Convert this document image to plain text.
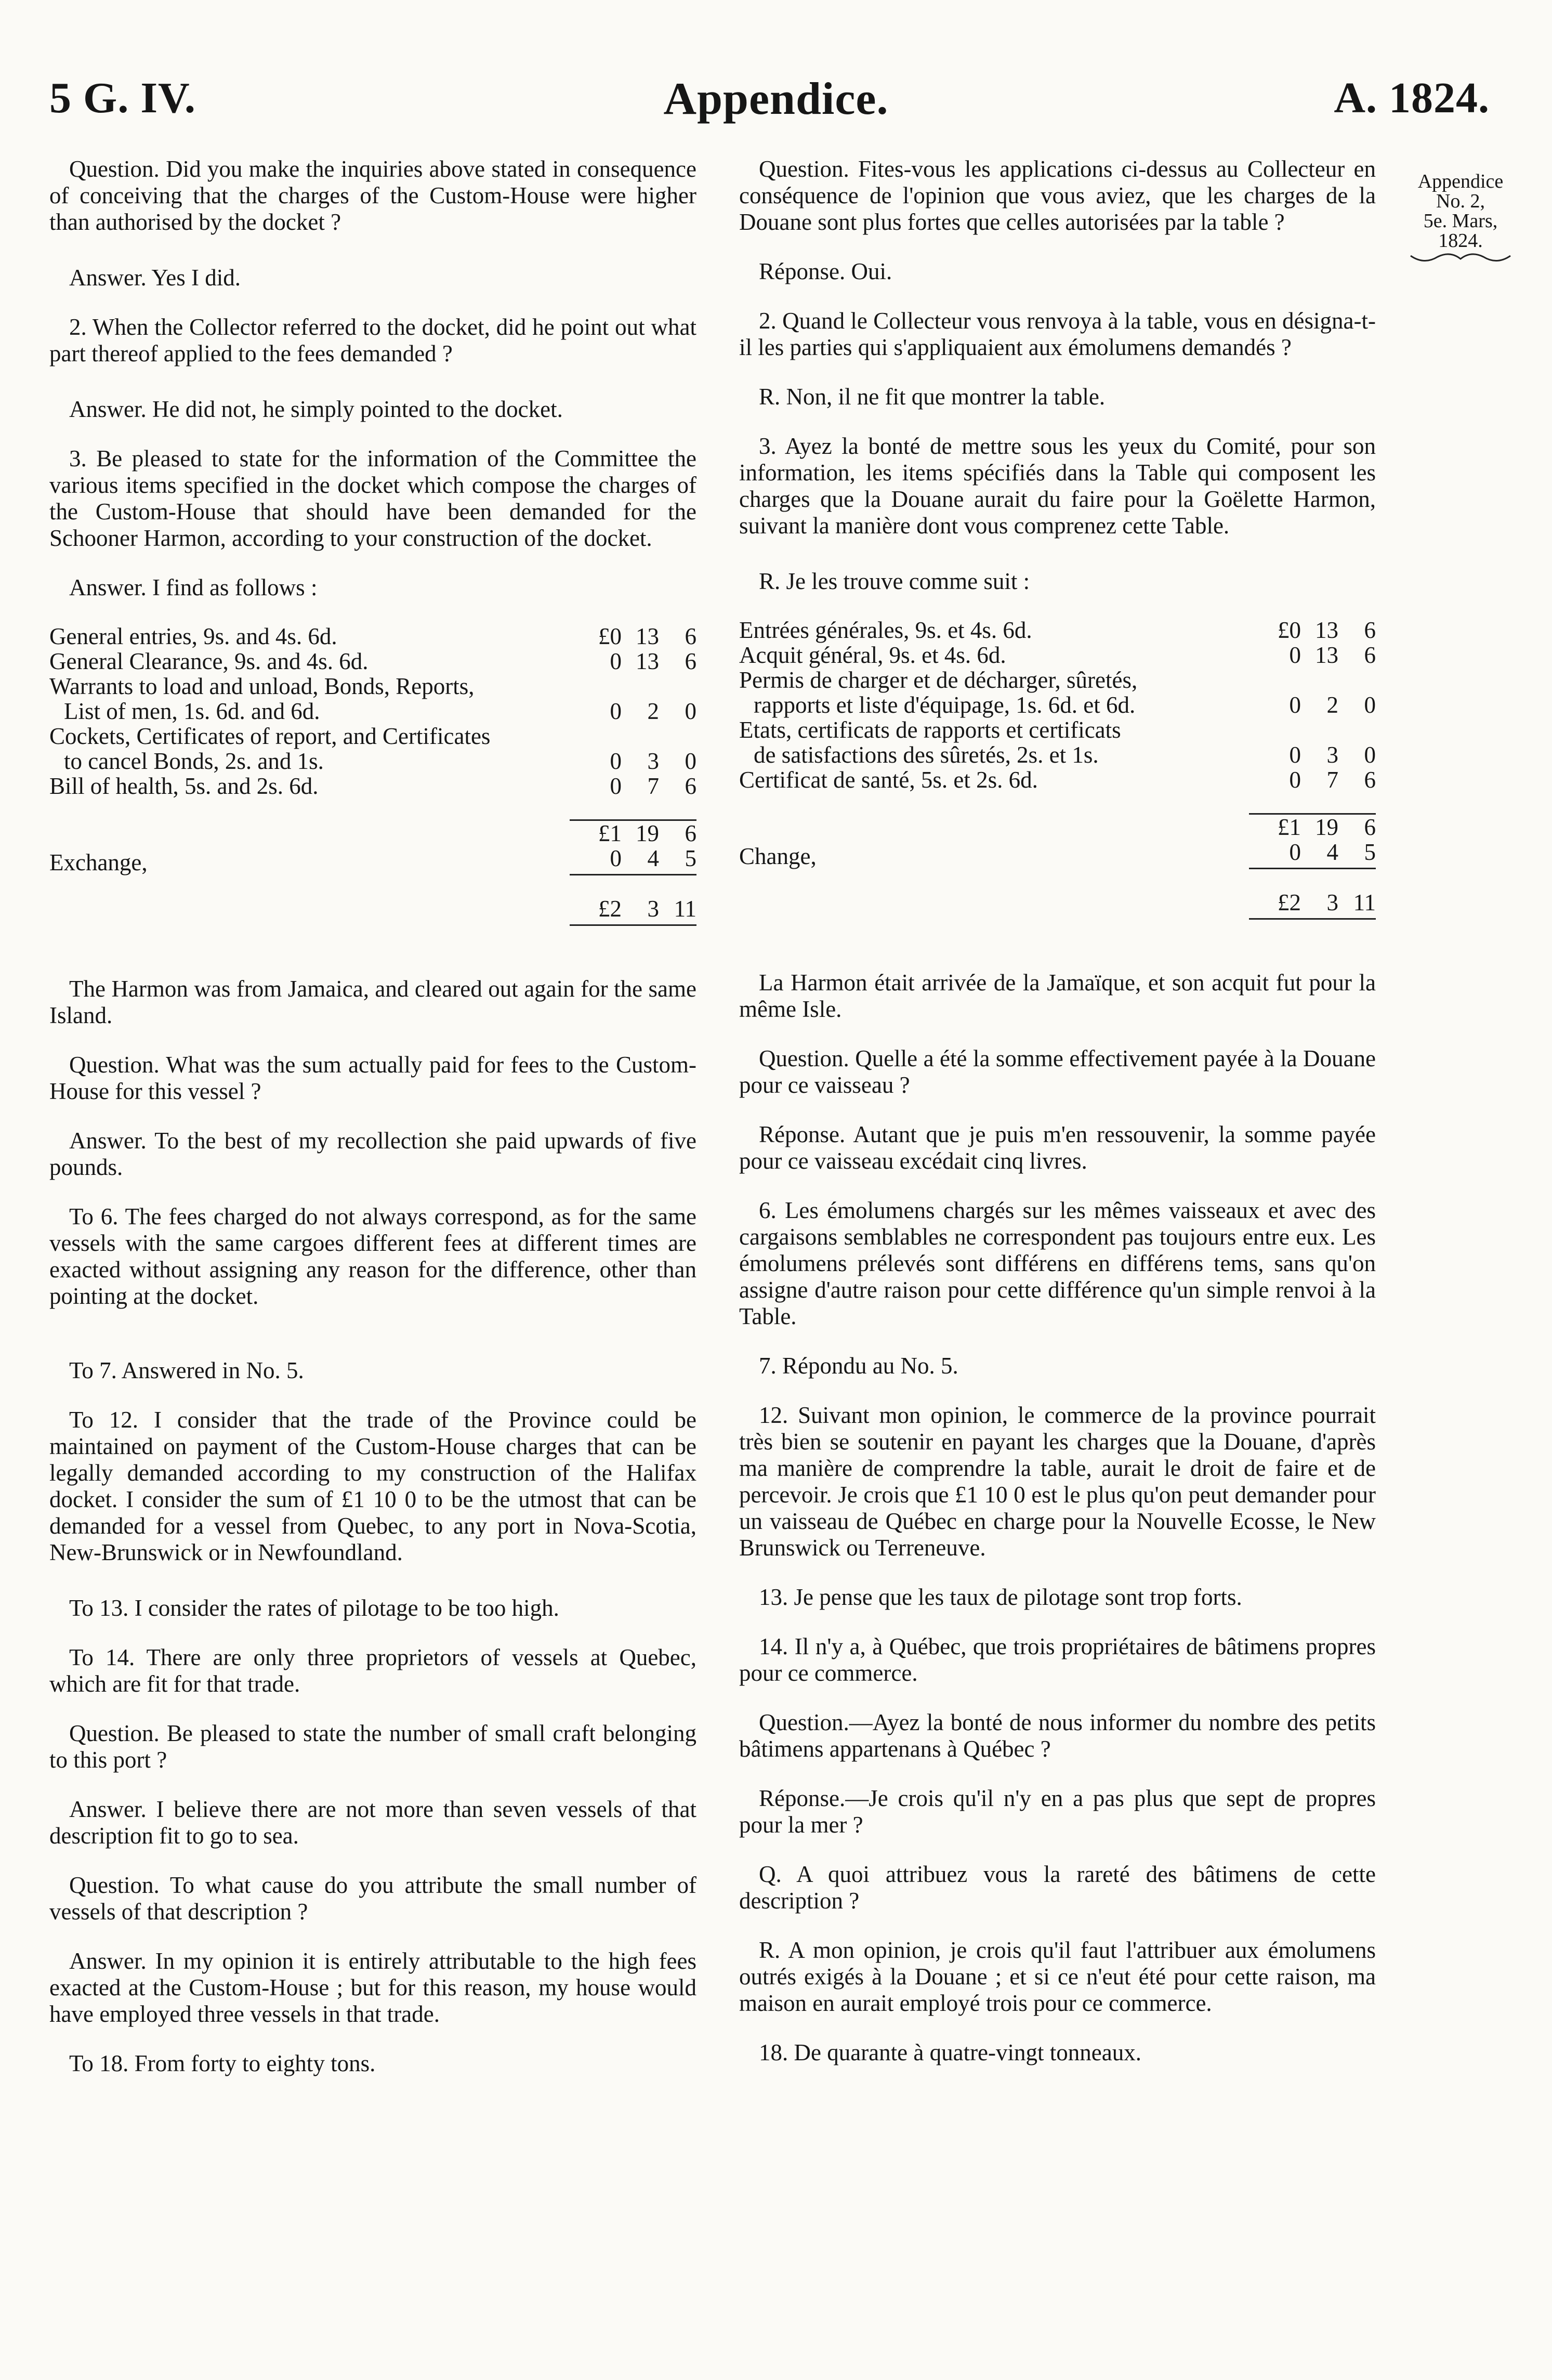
5 G. IV.	Appendice.	A. 1824.
Appendice
No. 2,
5e. Mars,
1824.

Question. Did you make the inquiries above stated in consequence of conceiving that the charges of the Custom-House were higher than authorised by the docket ?

Answer. Yes I did.

2. When the Collector referred to the docket, did he point out what part thereof applied to the fees demanded ?

Answer. He did not, he simply pointed to the docket.

3. Be pleased to state for the information of the Committee the various items specified in the docket which compose the charges of the Custom-House that should have been demanded for the Schooner Harmon, according to your construction of the docket.

Answer. I find as follows :

General entries, 9s. and 4s. 6d.	£0	13	6
General Clearance, 9s. and 4s. 6d.	0	13	6
Warrants to load and unload, Bonds, Reports,			
List of men, 1s. 6d. and 6d.	0	2	0
Cockets, Certificates of report, and Certificates			
to cancel Bonds, 2s. and 1s.	0	3	0
Bill of health, 5s. and 2s. 6d.	0	7	6

	£1	19	6
Exchange,	0	4	5

	£2	3	11

The Harmon was from Jamaica, and cleared out again for the same Island.

Question. What was the sum actually paid for fees to the Custom-House for this vessel ?

Answer. To the best of my recollection she paid upwards of five pounds.

To 6. The fees charged do not always correspond, as for the same vessels with the same cargoes different fees at different times are exacted without assigning any reason for the difference, other than pointing at the docket.

To 7. Answered in No. 5.

To 12. I consider that the trade of the Province could be maintained on payment of the Custom-House charges that can be legally demanded according to my construction of the Halifax docket. I consider the sum of £1 10 0 to be the utmost that can be demanded for a vessel from Quebec, to any port in Nova-Scotia, New-Brunswick or in Newfoundland.

To 13. I consider the rates of pilotage to be too high.

To 14. There are only three proprietors of vessels at Quebec, which are fit for that trade.

Question. Be pleased to state the number of small craft belonging to this port ?

Answer. I believe there are not more than seven vessels of that description fit to go to sea.

Question. To what cause do you attribute the small number of vessels of that description ?

Answer. In my opinion it is entirely attributable to the high fees exacted at the Custom-House ; but for this reason, my house would have employed three vessels in that trade.

To 18. From forty to eighty tons.

Question. Fites-vous les applications ci-dessus au Collecteur en conséquence de l'opinion que vous aviez, que les charges de la Douane sont plus fortes que celles autorisées par la table ?

Réponse. Oui.

2. Quand le Collecteur vous renvoya à la table, vous en désigna-t-il les parties qui s'appliquaient aux émolumens demandés ?

R. Non, il ne fit que montrer la table.

3. Ayez la bonté de mettre sous les yeux du Comité, pour son information, les items spécifiés dans la Table qui composent les charges que la Douane aurait du faire pour la Goëlette Harmon, suivant la manière dont vous comprenez cette Table.

R. Je les trouve comme suit :

Entrées générales, 9s. et 4s. 6d.	£0	13	6
Acquit général, 9s. et 4s. 6d.	0	13	6
Permis de charger et de décharger, sûretés,			
rapports et liste d'équipage, 1s. 6d. et 6d.	0	2	0
Etats, certificats de rapports et certificats			
de satisfactions des sûretés, 2s. et 1s.	0	3	0
Certificat de santé, 5s. et 2s. 6d.	0	7	6

	£1	19	6
Change,	0	4	5

	£2	3	11

La Harmon était arrivée de la Jamaïque, et son acquit fut pour la même Isle.

Question. Quelle a été la somme effectivement payée à la Douane pour ce vaisseau ?

Réponse. Autant que je puis m'en ressouvenir, la somme payée pour ce vaisseau excédait cinq livres.

6. Les émolumens chargés sur les mêmes vaisseaux et avec des cargaisons semblables ne correspondent pas toujours entre eux. Les émolumens prélevés sont différens en différens tems, sans qu'on assigne d'autre raison pour cette différence qu'un simple renvoi à la Table.

7. Répondu au No. 5.

12. Suivant mon opinion, le commerce de la province pourrait très bien se soutenir en payant les charges que la Douane, d'après ma manière de comprendre la table, aurait le droit de faire et de percevoir. Je crois que £1 10 0 est le plus qu'on peut demander pour un vaisseau de Québec en charge pour la Nouvelle Ecosse, le New Brunswick ou Terreneuve.

13. Je pense que les taux de pilotage sont trop forts.

14. Il n'y a, à Québec, que trois propriétaires de bâtimens propres pour ce commerce.

Question.—Ayez la bonté de nous informer du nombre des petits bâtimens appartenans à Québec ?

Réponse.—Je crois qu'il n'y en a pas plus que sept de propres pour la mer ?

Q. A quoi attribuez vous la rareté des bâtimens de cette description ?

R. A mon opinion, je crois qu'il faut l'attribuer aux émolumens outrés exigés à la Douane ; et si ce n'eut été pour cette raison, ma maison en aurait employé trois pour ce commerce.

18. De quarante à quatre-vingt tonneaux.
